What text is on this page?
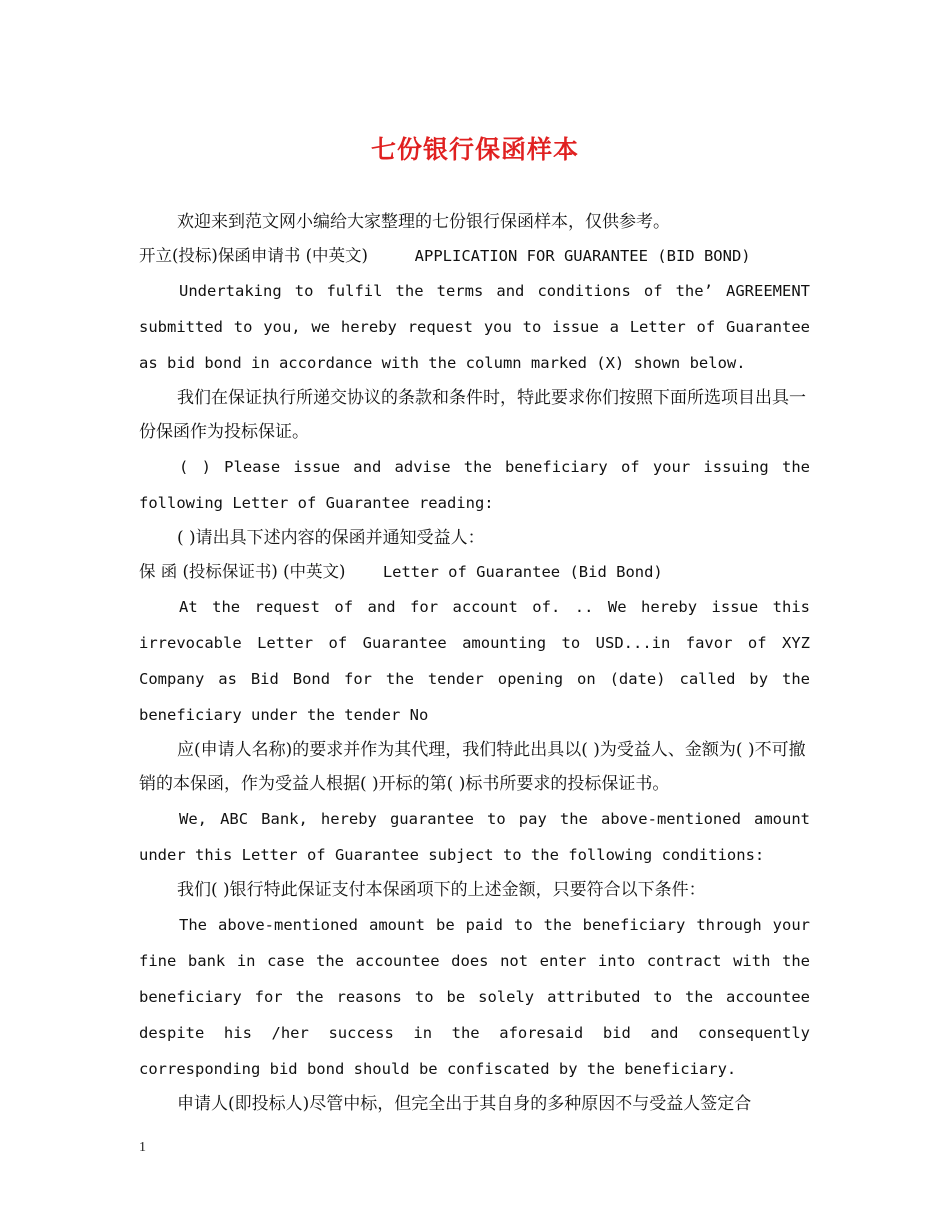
七份银行保函样本

欢迎来到范文网小编给大家整理的七份银行保函样本，仅供参考。

开立(投标)保函申请书 (中英文)	APPLICATION FOR GUARANTEE (BID BOND)

Undertaking to fulfil the terms and conditions of the’ AGREEMENT submitted to you, we hereby request you to issue a Letter of Guarantee as bid bond in accordance with the column marked (X) shown below.

我们在保证执行所递交协议的条款和条件时，特此要求你们按照下面所选项目出具一份保函作为投标保证。

( ) Please issue and advise the beneficiary of your issuing the following Letter of Guarantee reading:

( )请出具下述内容的保函并通知受益人：

保 函 (投标保证书) (中英文) Letter of Guarantee (Bid Bond)

At the request of and for account of. .. We hereby issue this irrevocable Letter of Guarantee amounting to USD...in favor of XYZ Company as Bid Bond for the tender opening on (date) called by the beneficiary under the tender No

应(申请人名称)的要求并作为其代理，我们特此出具以( )为受益人、金额为( )不可撤销的本保函，作为受益人根据( )开标的第( )标书所要求的投标保证书。

We, ABC Bank, hereby guarantee to pay the above-mentioned amount under this Letter of Guarantee subject to the following conditions:

我们( )银行特此保证支付本保函项下的上述金额，只要符合以下条件：

The above-mentioned amount be paid to the beneficiary through your fine bank in case the accountee does not enter into contract with the beneficiary for the reasons to be solely attributed to the accountee despite his /her success in the aforesaid bid and consequently corresponding bid bond should be confiscated by the beneficiary.

申请人(即投标人)尽管中标，但完全出于其自身的多种原因不与受益人签定合

1
